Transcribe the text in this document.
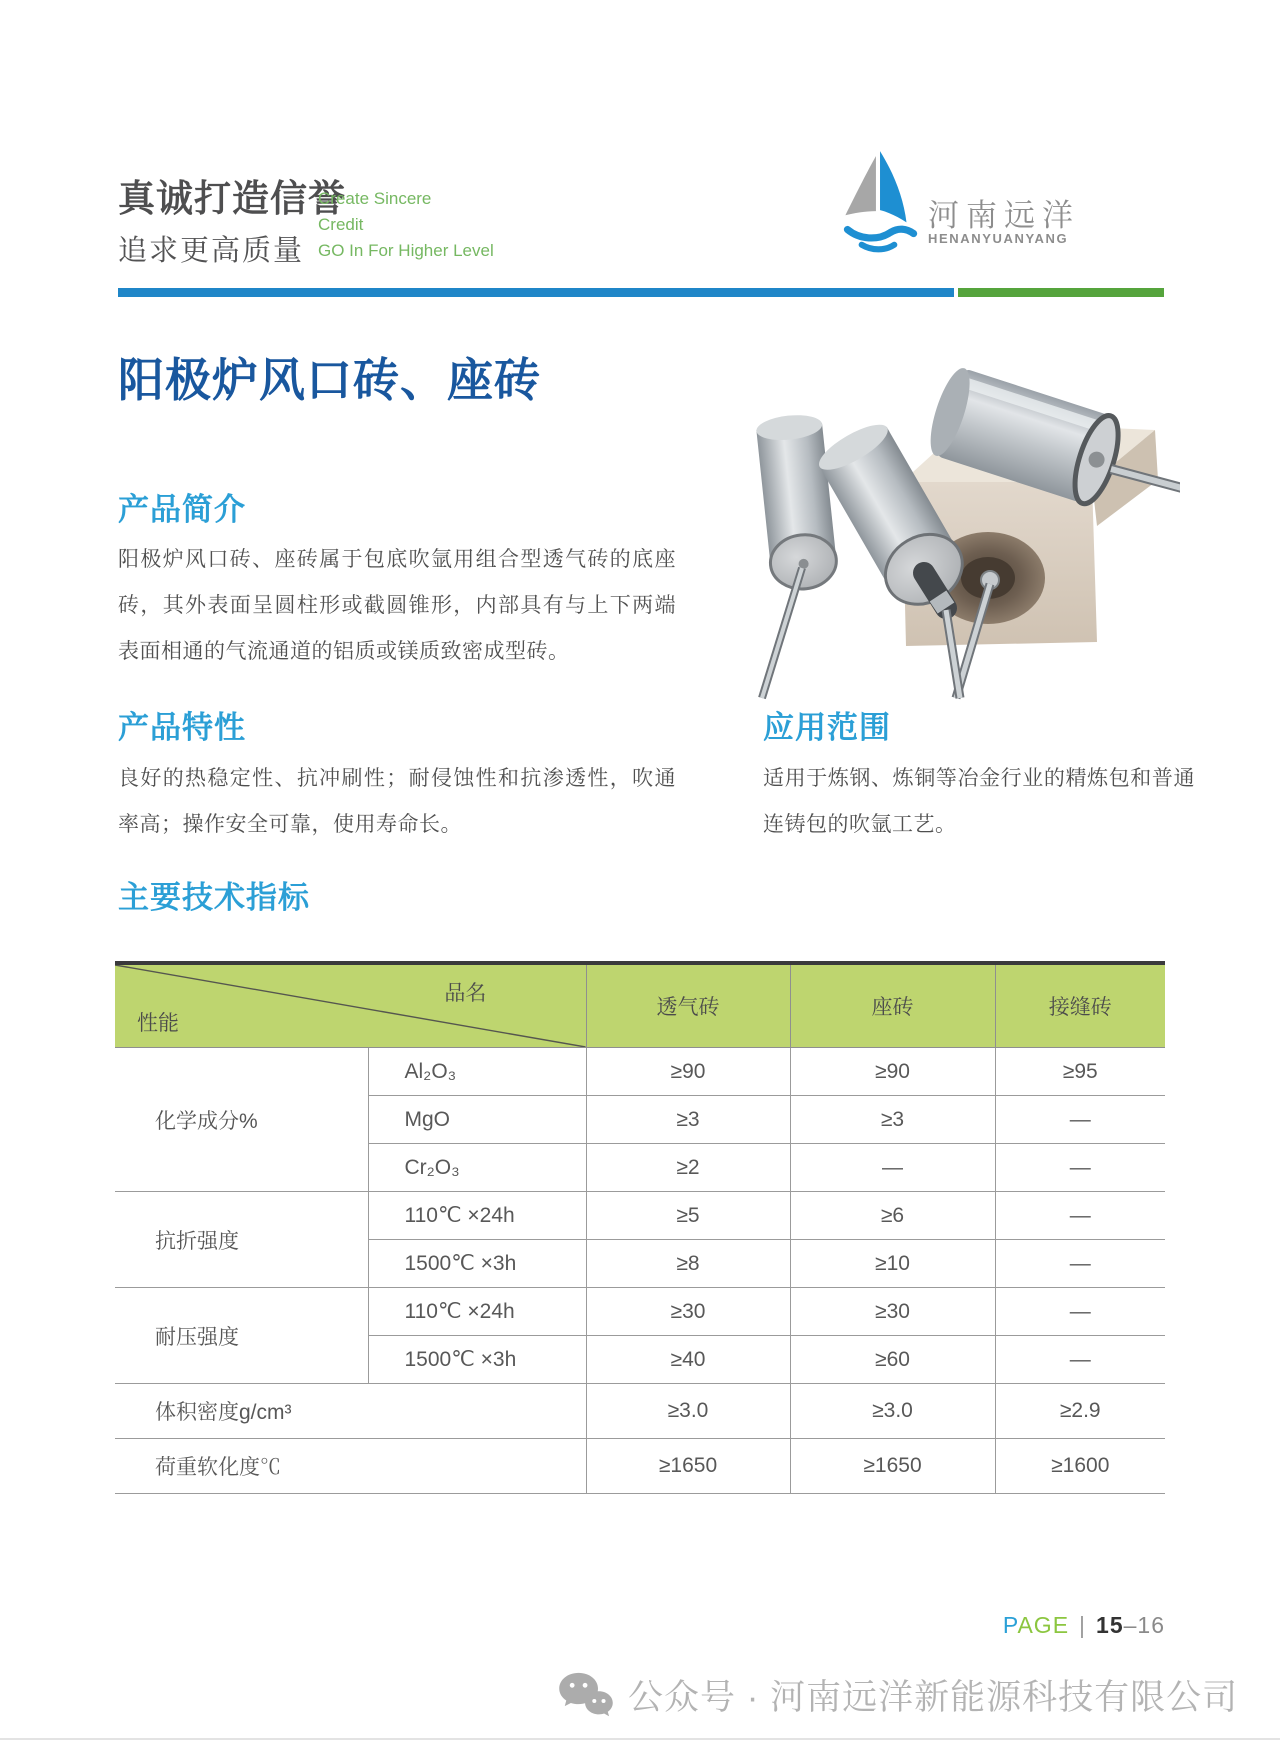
真诚打造信誉
追求更高质量
Create Sincere
Credit
GO In For Higher Level
河南远洋
HENANYUANYANG
阳极炉风口砖、座砖
产品简介
阳极炉风口砖、座砖属于包底吹氩用组合型透气砖的底座砖，其外表面呈圆柱形或截圆锥形，内部具有与上下两端表面相通的气流通道的铝质或镁质致密成型砖。
产品特性
良好的热稳定性、抗冲刷性；耐侵蚀性和抗渗透性，吹通率高；操作安全可靠，使用寿命长。
应用范围
适用于炼钢、炼铜等冶金行业的精炼包和普通连铸包的吹氩工艺。
主要技术指标
品名
性能		透气砖	座砖	接缝砖
化学成分%	Al₂O₃	≥90	≥90	≥95
	MgO	≥3	≥3	—
	Cr₂O₃	≥2	—	—
抗折强度	110℃ ×24h	≥5	≥6	—
	1500℃ ×3h	≥8	≥10	—
耐压强度	110℃ ×24h	≥30	≥30	—
	1500℃ ×3h	≥40	≥60	—
体积密度g/cm³		≥3.0	≥3.0	≥2.9
荷重软化度℃		≥1650	≥1650	≥1600
PAGE | 15–16
公众号 · 河南远洋新能源科技有限公司
